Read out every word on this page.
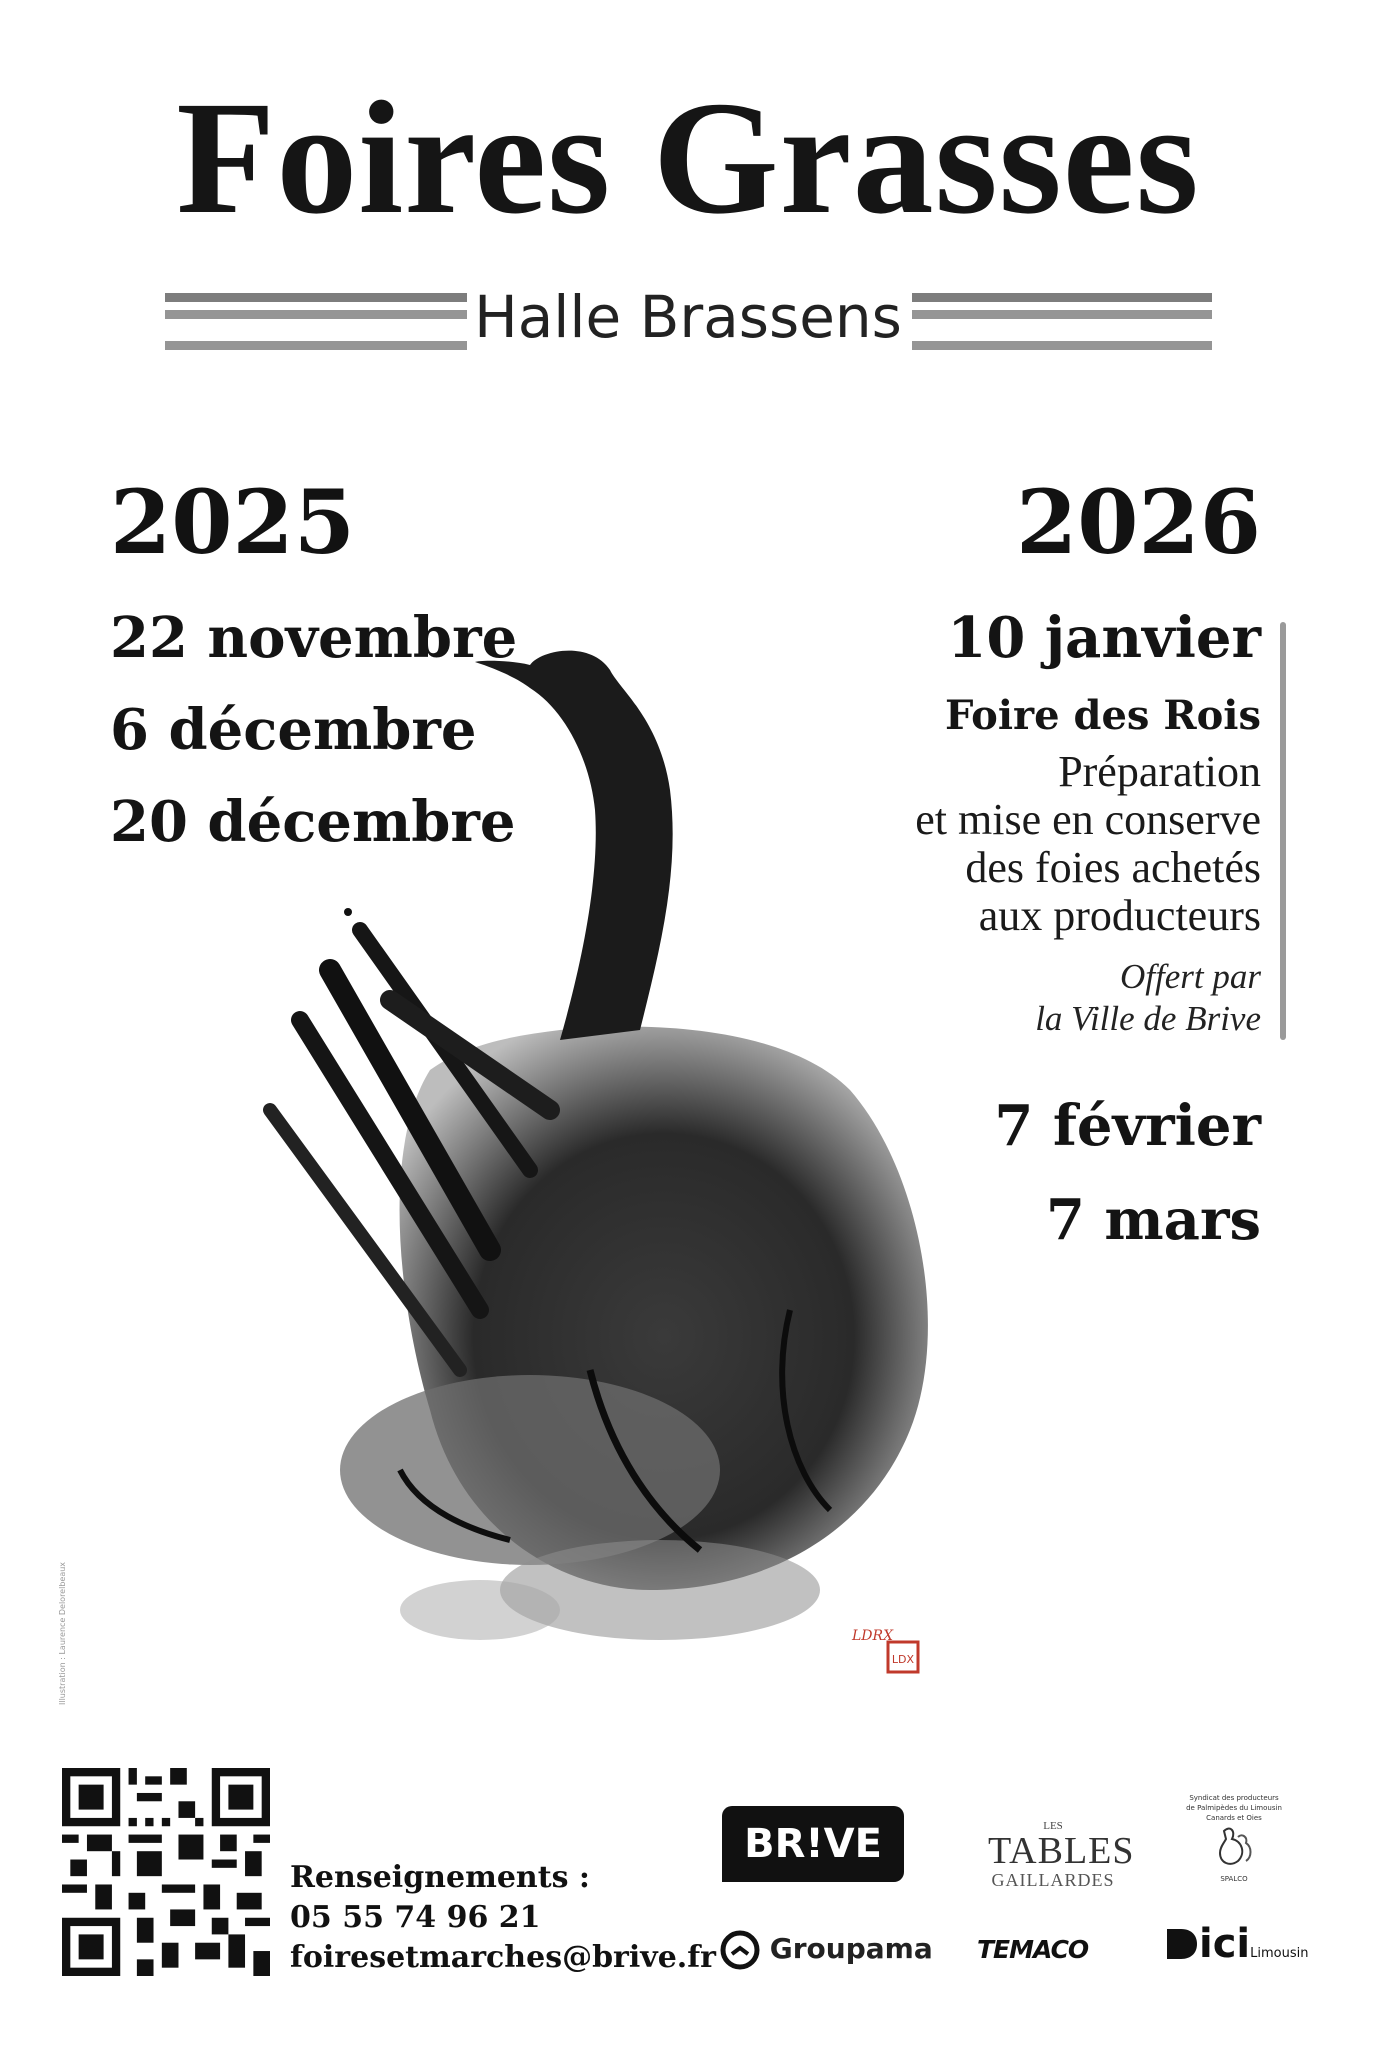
Foires Grasses
Halle Brassens
LDX
LDRX
2025	2026
22 novembre
6 décembre
20 décembre
10 janvier
Foire des Rois
Préparation
et mise en conserve
des foies achetés
aux producteurs
Offert par
la Ville de Brive
7 février
7 mars
Illustration : Laurence Delorelbeaux
Renseignements :
05 55 74 96 21
foiresetmarches@brive.fr
BR!VE	LES
TABLES
GAILLARDES
Syndicat des producteurs
de Palmipèdes du Limousin
Canards et Oies
SPALCO
Groupama TEMACO	iciLimousin
